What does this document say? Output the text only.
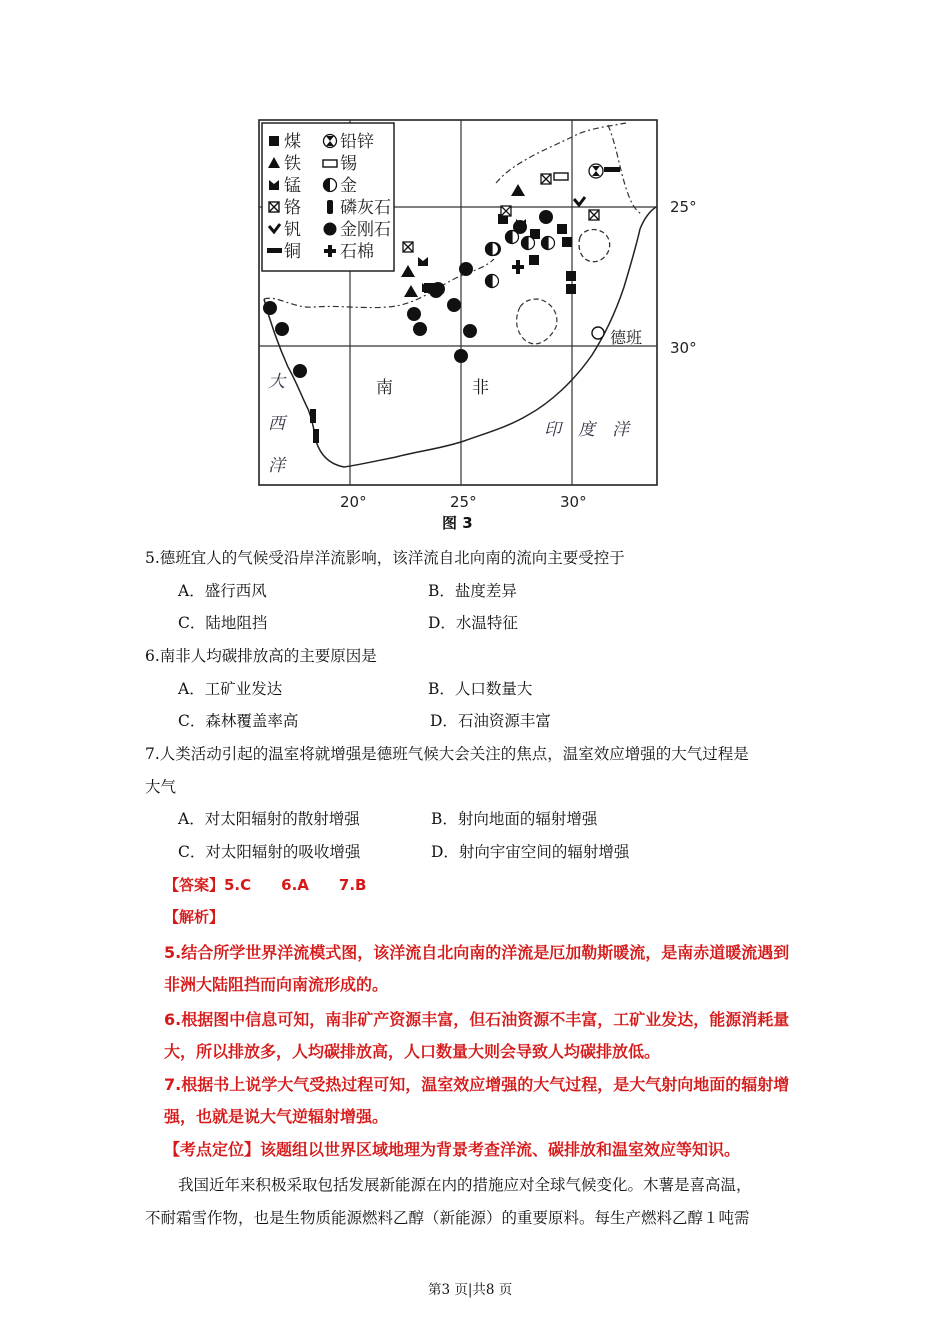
煤 铅锌
铁 锡
锰 金
铬 磷灰石
钒 金刚石
铜 石棉
25°
30°
20°	25°	30°
南	非
大
西
洋
印 度 洋
德班
图 3
5.德班宜人的气候受沿岸洋流影响，该洋流自北向南的流向主要受控于
A．盛行西风	B．盐度差异
C．陆地阻挡	D．水温特征
6.南非人均碳排放高的主要原因是
A．工矿业发达	B．人口数量大
C．森林覆盖率高	D．石油资源丰富
7.人类活动引起的温室将就增强是德班气候大会关注的焦点，温室效应增强的大气过程是
大气
A．对太阳辐射的散射增强	B．射向地面的辐射增强
C．对太阳辐射的吸收增强	D．射向宇宙空间的辐射增强
【答案】5.C　　6.A　　7.B
【解析】
5.结合所学世界洋流模式图，该洋流自北向南的洋流是厄加勒斯暖流，是南赤道暖流遇到
非洲大陆阻挡而向南流形成的。
6.根据图中信息可知，南非矿产资源丰富，但石油资源不丰富，工矿业发达，能源消耗量
大，所以排放多，人均碳排放高，人口数量大则会导致人均碳排放低。
7.根据书上说学大气受热过程可知，温室效应增强的大气过程，是大气射向地面的辐射增
强，也就是说大气逆辐射增强。
【考点定位】该题组以世界区域地理为背景考查洋流、碳排放和温室效应等知识。
我国近年来积极采取包括发展新能源在内的措施应对全球气候变化。木薯是喜高温，
不耐霜雪作物，也是生物质能源燃料乙醇（新能源）的重要原料。每生产燃料乙醇１吨需
第3 页|共8 页
